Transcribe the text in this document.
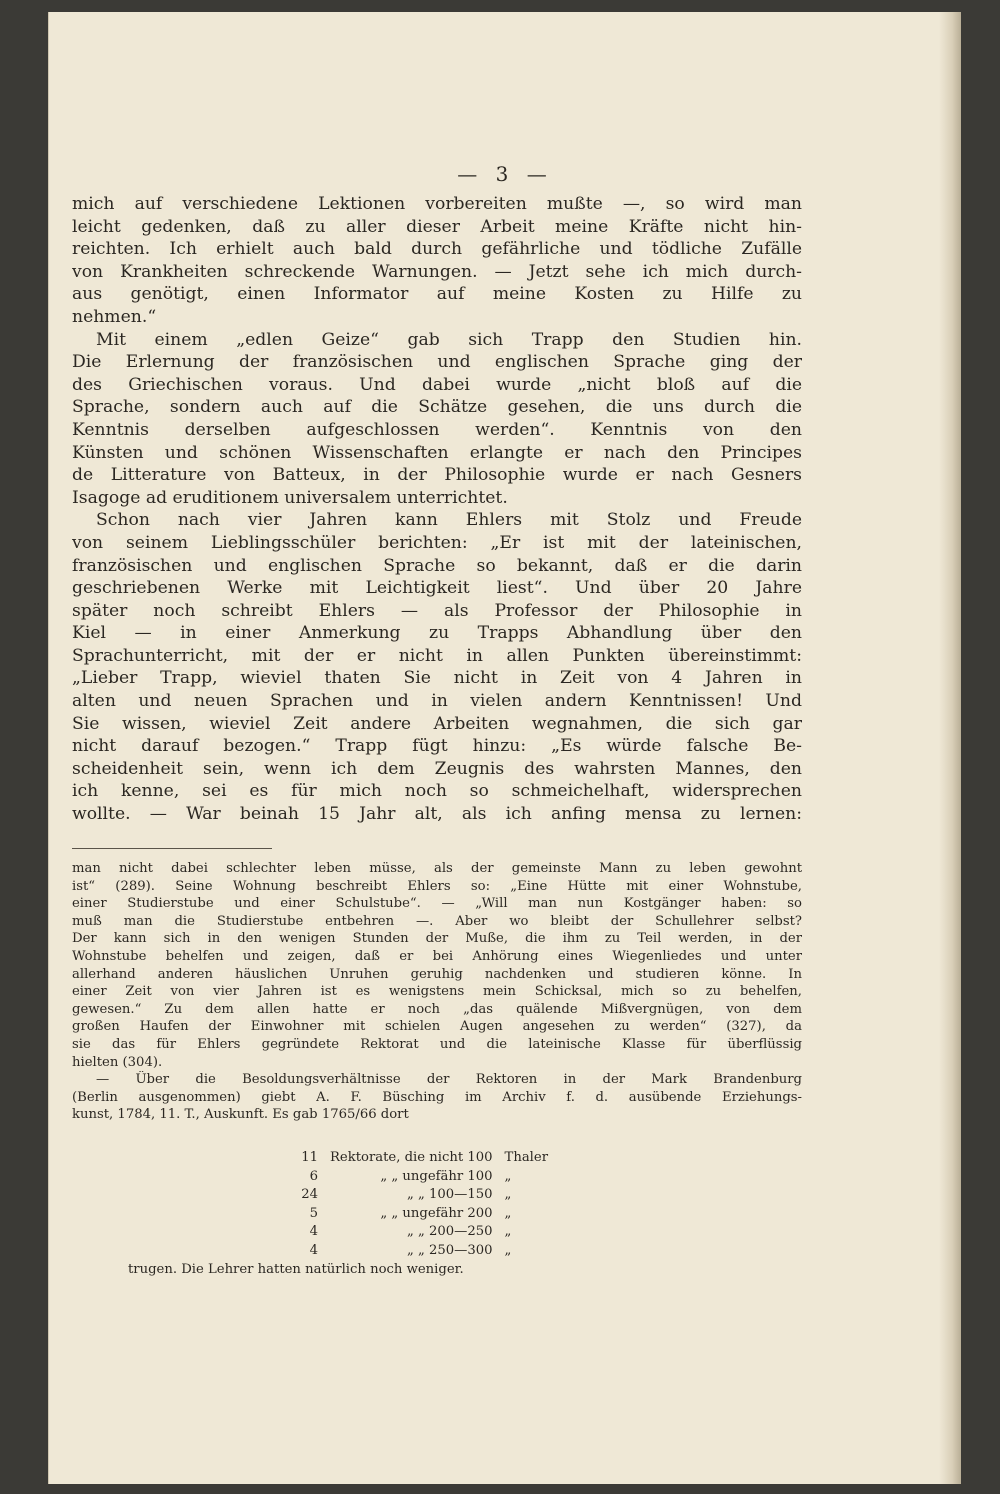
— 3 —
mich auf verschiedene Lektionen vorbereiten mußte —, so wird man
leicht gedenken, daß zu aller dieser Arbeit meine Kräfte nicht hin-
reichten. Ich erhielt auch bald durch gefährliche und tödliche Zufälle
von Krankheiten schreckende Warnungen. — Jetzt sehe ich mich durch-
aus genötigt, einen Informator auf meine Kosten zu Hilfe zu
nehmen.“
Mit einem „edlen Geize“ gab sich Trapp den Studien hin.
Die Erlernung der französischen und englischen Sprache ging der
des Griechischen voraus. Und dabei wurde „nicht bloß auf die
Sprache, sondern auch auf die Schätze gesehen, die uns durch die
Kenntnis derselben aufgeschlossen werden“. Kenntnis von den
Künsten und schönen Wissenschaften erlangte er nach den Principes
de Litterature von Batteux, in der Philosophie wurde er nach Gesners
Isagoge ad eruditionem universalem unterrichtet.
Schon nach vier Jahren kann Ehlers mit Stolz und Freude
von seinem Lieblingsschüler berichten: „Er ist mit der lateinischen,
französischen und englischen Sprache so bekannt, daß er die darin
geschriebenen Werke mit Leichtigkeit liest“. Und über 20 Jahre
später noch schreibt Ehlers — als Professor der Philosophie in
Kiel — in einer Anmerkung zu Trapps Abhandlung über den
Sprachunterricht, mit der er nicht in allen Punkten übereinstimmt:
„Lieber Trapp, wieviel thaten Sie nicht in Zeit von 4 Jahren in
alten und neuen Sprachen und in vielen andern Kenntnissen! Und
Sie wissen, wieviel Zeit andere Arbeiten wegnahmen, die sich gar
nicht darauf bezogen.“ Trapp fügt hinzu: „Es würde falsche Be-
scheidenheit sein, wenn ich dem Zeugnis des wahrsten Mannes, den
ich kenne, sei es für mich noch so schmeichelhaft, widersprechen
wollte. — War beinah 15 Jahr alt, als ich anfing mensa zu lernen:
man nicht dabei schlechter leben müsse, als der gemeinste Mann zu leben gewohnt
ist“ (289). Seine Wohnung beschreibt Ehlers so: „Eine Hütte mit einer Wohnstube,
einer Studierstube und einer Schulstube“. — „Will man nun Kostgänger haben: so
muß man die Studierstube entbehren —. Aber wo bleibt der Schullehrer selbst?
Der kann sich in den wenigen Stunden der Muße, die ihm zu Teil werden, in der
Wohnstube behelfen und zeigen, daß er bei Anhörung eines Wiegenliedes und unter
allerhand anderen häuslichen Unruhen geruhig nachdenken und studieren könne. In
einer Zeit von vier Jahren ist es wenigstens mein Schicksal, mich so zu behelfen,
gewesen.“ Zu dem allen hatte er noch „das quälende Mißvergnügen, von dem
großen Haufen der Einwohner mit schielen Augen angesehen zu werden“ (327), da
sie das für Ehlers gegründete Rektorat und die lateinische Klasse für überflüssig
hielten (304).
— Über die Besoldungsverhältnisse der Rektoren in der Mark Brandenburg
(Berlin ausgenommen) giebt A. F. Büsching im Archiv f. d. ausübende Erziehungs-
kunst, 1784, 11. T., Auskunft. Es gab 1765/66 dort
11	Rektorate, die nicht 100	Thaler
6	„ „ ungefähr 100	„
24	„ „ 100—150	„
5	„ „ ungefähr 200	„
4	„ „ 200—250	„
4	„ „ 250—300	„
trugen. Die Lehrer hatten natürlich noch weniger.
